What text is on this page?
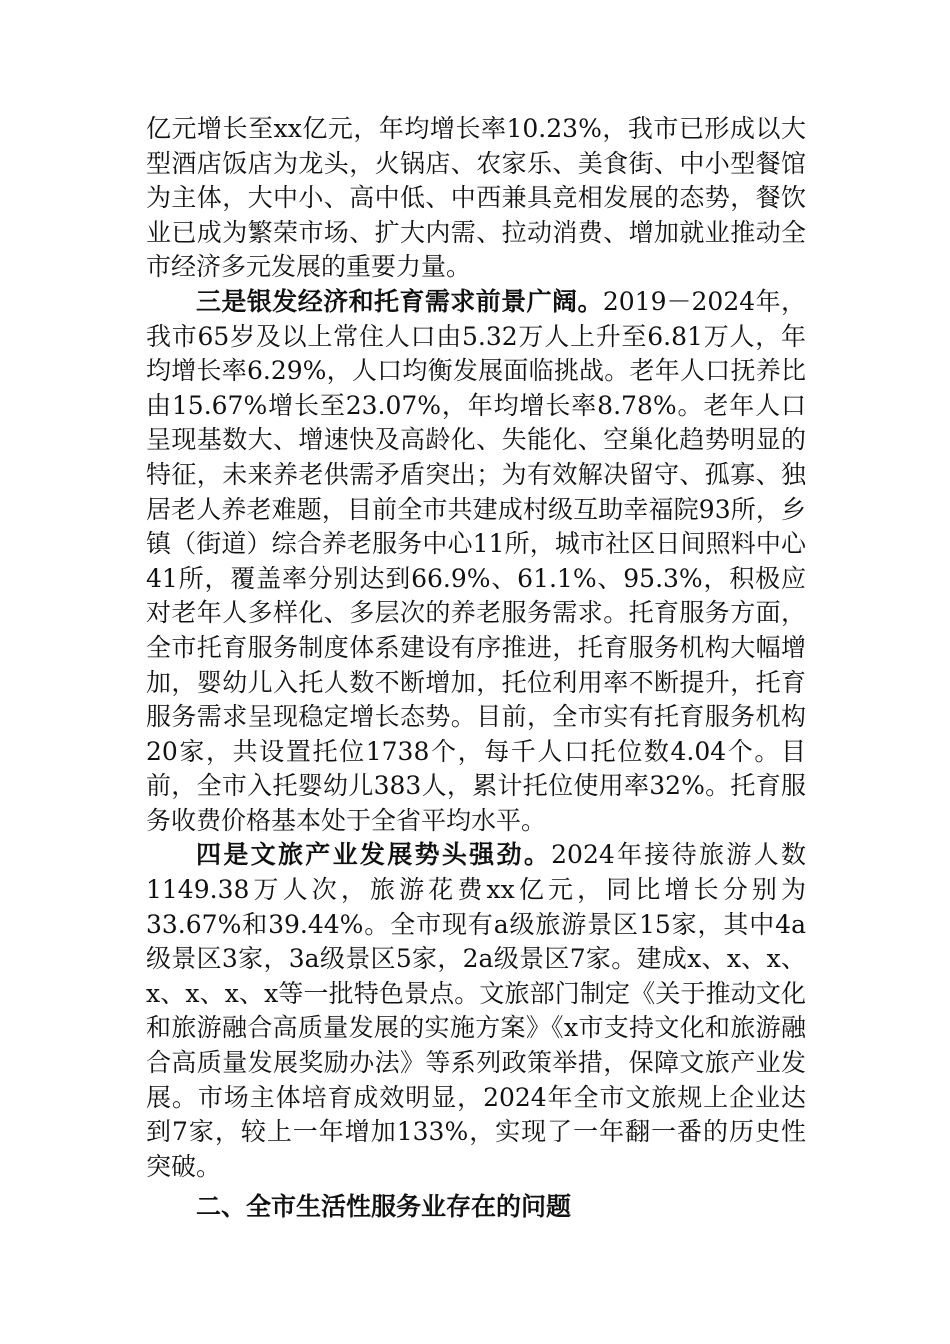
亿元增长至xx亿元，年均增长率10.23%，我市已形成以大型酒店饭店为龙头，火锅店、农家乐、美食街、中小型餐馆为主体，大中小、高中低、中西兼具竞相发展的态势，餐饮业已成为繁荣市场、扩大内需、拉动消费、增加就业推动全市经济多元发展的重要力量。

三是银发经济和托育需求前景广阔。2019－2024年，我市65岁及以上常住人口由5.32万人上升至6.81万人，年均增长率6.29%，人口均衡发展面临挑战。老年人口抚养比由15.67%增长至23.07%，年均增长率8.78%。老年人口呈现基数大、增速快及高龄化、失能化、空巢化趋势明显的特征，未来养老供需矛盾突出；为有效解决留守、孤寡、独居老人养老难题，目前全市共建成村级互助幸福院93所，乡镇（街道）综合养老服务中心11所，城市社区日间照料中心41所，覆盖率分别达到66.9%、61.1%、95.3%，积极应对老年人多样化、多层次的养老服务需求。托育服务方面，全市托育服务制度体系建设有序推进，托育服务机构大幅增加，婴幼儿入托人数不断增加，托位利用率不断提升，托育服务需求呈现稳定增长态势。目前，全市实有托育服务机构20家，共设置托位1738个，每千人口托位数4.04个。目前，全市入托婴幼儿383人，累计托位使用率32%。托育服务收费价格基本处于全省平均水平。

四是文旅产业发展势头强劲。2024年接待旅游人数1149.38万人次，旅游花费xx亿元，同比增长分别为33.67%和39.44%。全市现有a级旅游景区15家，其中4a级景区3家，3a级景区5家，2a级景区7家。建成x、x、x、x、x、x、x等一批特色景点。文旅部门制定《关于推动文化和旅游融合高质量发展的实施方案》《x市支持文化和旅游融合高质量发展奖励办法》等系列政策举措，保障文旅产业发展。市场主体培育成效明显，2024年全市文旅规上企业达到7家，较上一年增加133%，实现了一年翻一番的历史性突破。

二、全市生活性服务业存在的问题
